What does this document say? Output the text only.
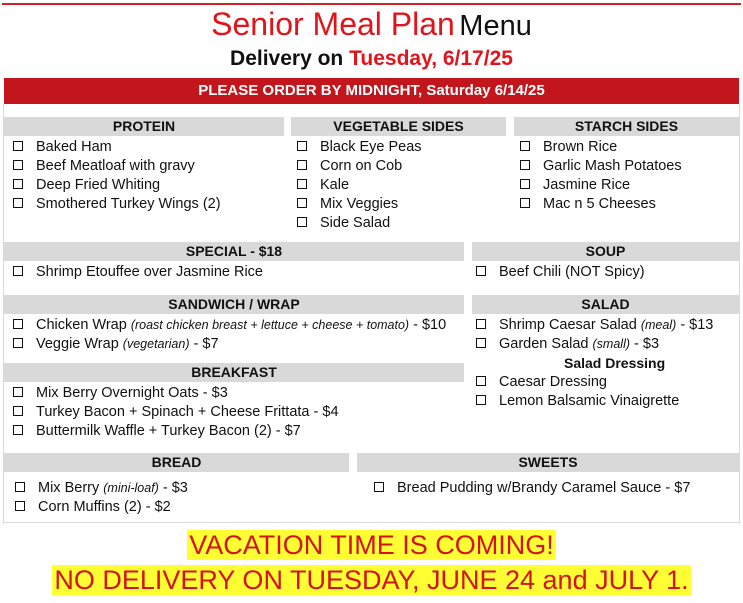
Senior Meal Plan Menu
Delivery on Tuesday, 6/17/25
PLEASE ORDER BY MIDNIGHT, Saturday 6/14/25
PROTEIN	VEGETABLE SIDES	STARCH SIDES
Baked Ham
Beef Meatloaf with gravy
Deep Fried Whiting
Smothered Turkey Wings (2)
Black Eye Peas
Corn on Cob
Kale
Mix Veggies
Side Salad
Brown Rice
Garlic Mash Potatoes
Jasmine Rice
Mac n 5 Cheeses
SPECIAL - $18	SOUP
Shrimp Etouffee over Jasmine Rice	Beef Chili (NOT Spicy)
SANDWICH / WRAP	SALAD
Chicken Wrap (roast chicken breast + lettuce + cheese + tomato) - $10
Veggie Wrap (vegetarian) - $7
Shrimp Caesar Salad (meal) - $13
Garden Salad (small) - $3
Salad Dressing
Caesar Dressing
Lemon Balsamic Vinaigrette
BREAKFAST
Mix Berry Overnight Oats - $3
Turkey Bacon + Spinach + Cheese Frittata - $4
Buttermilk Waffle + Turkey Bacon (2) - $7
BREAD	SWEETS
Mix Berry (mini-loaf) - $3
Corn Muffins (2) - $2
Bread Pudding w/Brandy Caramel Sauce - $7
VACATION TIME IS COMING!
NO DELIVERY ON TUESDAY, JUNE 24 and JULY 1.
